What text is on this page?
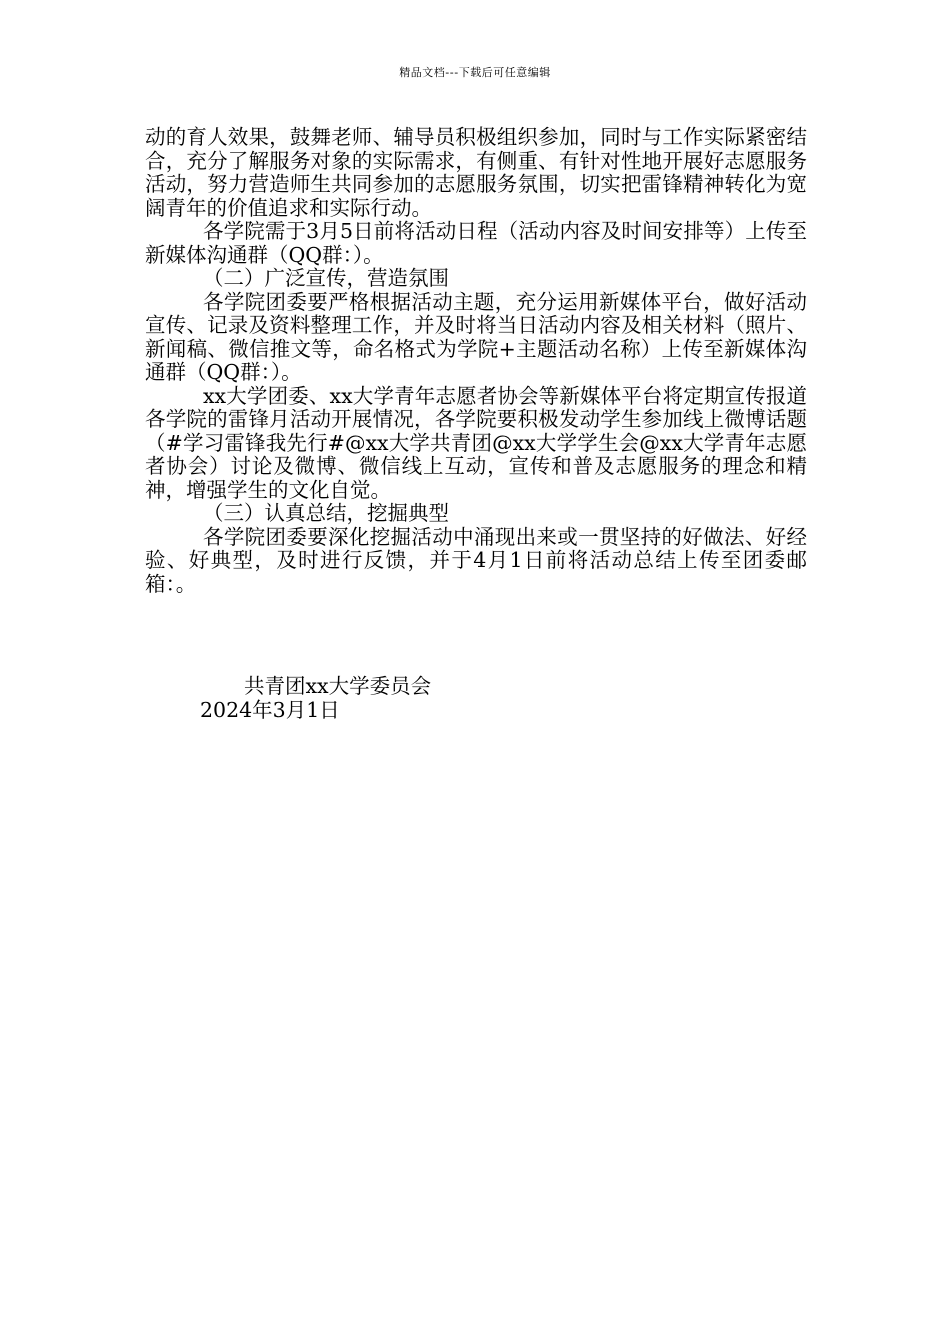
精品文档---下载后可任意编辑

动的育人效果，鼓舞老师、辅导员积极组织参加，同时与工作实际紧密结合，充分了解服务对象的实际需求，有侧重、有针对性地开展好志愿服务活动，努力营造师生共同参加的志愿服务氛围，切实把雷锋精神转化为宽阔青年的价值追求和实际行动。

各学院需于3月5日前将活动日程（活动内容及时间安排等）上传至新媒体沟通群（QQ群：）。

（二）广泛宣传，营造氛围

各学院团委要严格根据活动主题，充分运用新媒体平台，做好活动宣传、记录及资料整理工作，并及时将当日活动内容及相关材料（照片、新闻稿、微信推文等，命名格式为学院+主题活动名称）上传至新媒体沟通群（QQ群：）。

xx大学团委、xx大学青年志愿者协会等新媒体平台将定期宣传报道各学院的雷锋月活动开展情况，各学院要积极发动学生参加线上微博话题（#学习雷锋我先行#@xx大学共青团@xx大学学生会@xx大学青年志愿者协会）讨论及微博、微信线上互动，宣传和普及志愿服务的理念和精神，增强学生的文化自觉。

（三）认真总结，挖掘典型

各学院团委要深化挖掘活动中涌现出来或一贯坚持的好做法、好经验、好典型，及时进行反馈，并于4月1日前将活动总结上传至团委邮箱：。

共青团xx大学委员会
2024年3月1日
